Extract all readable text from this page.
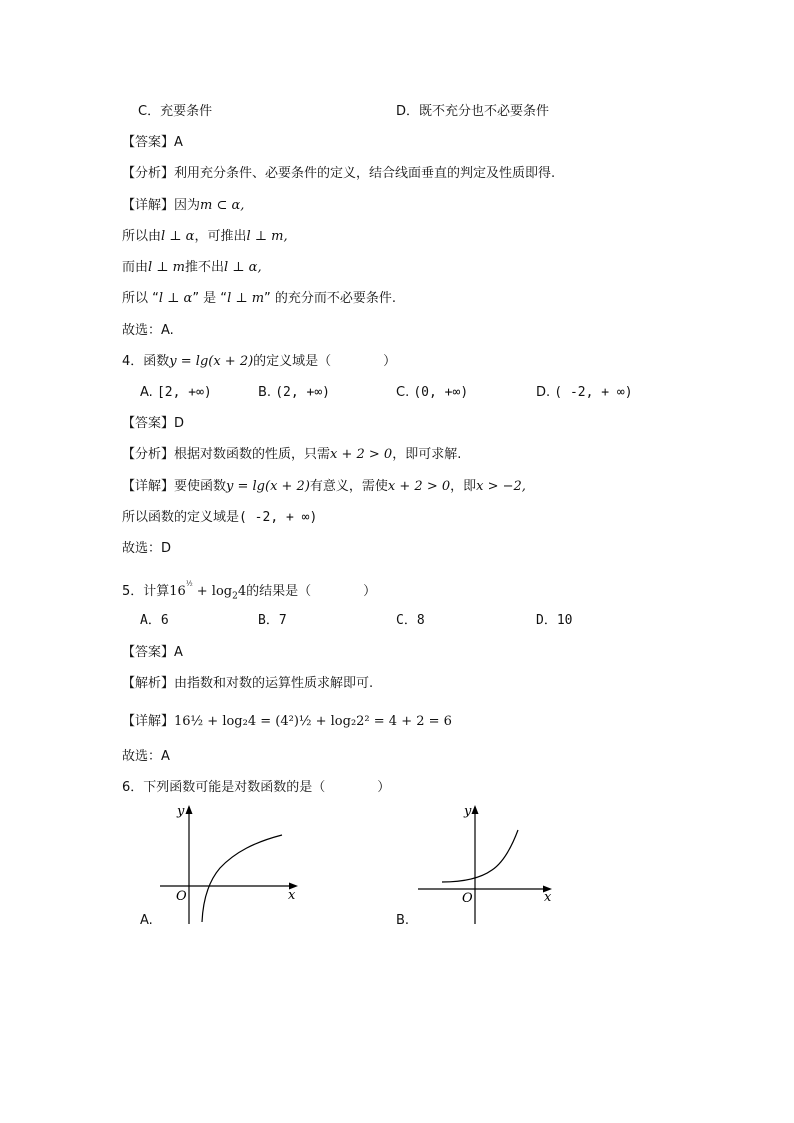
C．充要条件	D．既不充分也不必要条件
【答案】A
【分析】利用充分条件、必要条件的定义，结合线面垂直的判定及性质即得.
【详解】因为m ⊂ α,
所以由l ⊥ α，可推出l ⊥ m,
而由l ⊥ m推不出l ⊥ α,
所以 “l ⊥ α” 是 “l ⊥ m” 的充分而不必要条件.
故选：A.
4．函数y = lg(x + 2)的定义域是（　　　　）
A. [2, +∞)	B. (2, +∞)	C. (0, +∞)	D. ( -2, + ∞)
【答案】D
【分析】根据对数函数的性质，只需x + 2 > 0，即可求解.
【详解】要使函数y = lg(x + 2)有意义，需使x + 2 > 0，即x > −2,
所以函数的定义域是( -2, + ∞)
故选：D
5．计算$16^{\frac{1}{2}} + \log_24$的结果是（　　　　）
A．6	B．7	C．8	D．10
【答案】A
【解析】由指数和对数的运算性质求解即可.
【详解】16½ + log₂4 = (4²)½ + log₂2² = 4 + 2 = 6
故选：A
6．下列函数可能是对数函数的是（　　　　）
y
x
O
A.
y
x
O
B.
